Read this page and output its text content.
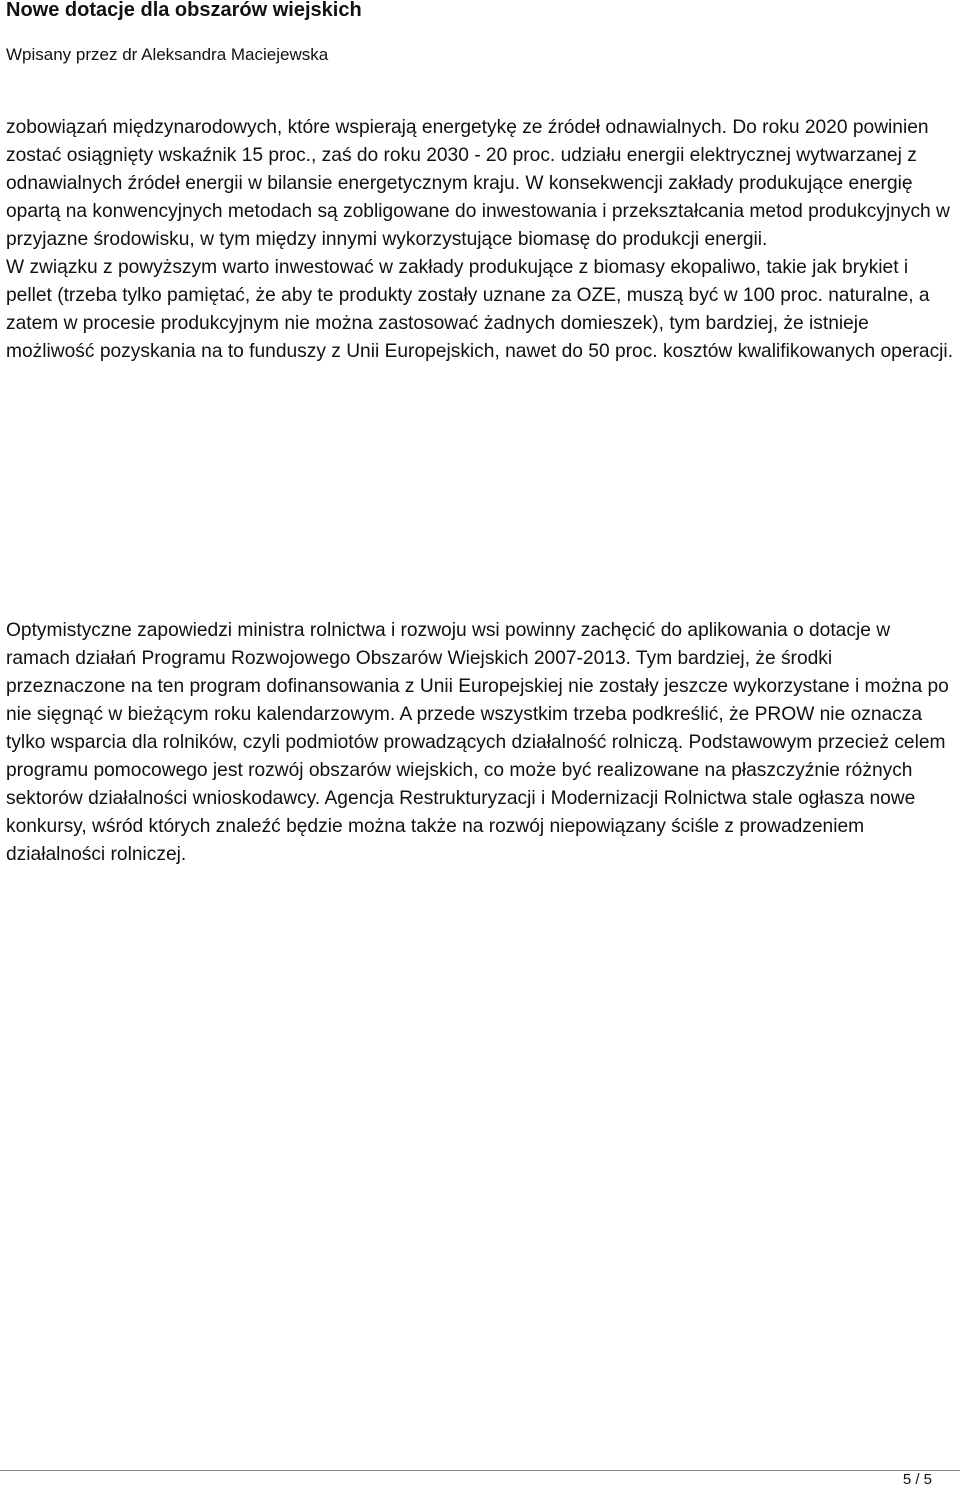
Nowe dotacje dla obszarów wiejskich
Wpisany przez dr Aleksandra Maciejewska

zobowiązań międzynarodowych, które wspierają energetykę ze źródeł odnawialnych. Do roku 2020 powinien zostać osiągnięty wskaźnik 15 proc., zaś do roku 2030 - 20 proc. udziału energii elektrycznej wytwarzanej z odnawialnych źródeł energii w bilansie energetycznym kraju. W konsekwencji zakłady produkujące energię opartą na konwencyjnych metodach są zobligowane do inwestowania i przekształcania metod produkcyjnych w przyjazne środowisku, w tym między innymi wykorzystujące biomasę do produkcji energii.

W związku z powyższym warto inwestować w zakłady produkujące z biomasy ekopaliwo, takie jak brykiet i pellet (trzeba tylko pamiętać, że aby te produkty zostały uznane za OZE, muszą być w 100 proc. naturalne, a zatem w procesie produkcyjnym nie można zastosować żadnych domieszek), tym bardziej, że istnieje możliwość pozyskania na to funduszy z Unii Europejskich, nawet do 50 proc. kosztów kwalifikowanych operacji.

Optymistyczne zapowiedzi ministra rolnictwa i rozwoju wsi powinny zachęcić do aplikowania o dotacje w ramach działań Programu Rozwojowego Obszarów Wiejskich 2007-2013. Tym bardziej, że środki przeznaczone na ten program dofinansowania z Unii Europejskiej nie zostały jeszcze wykorzystane i można po nie sięgnąć w bieżącym roku kalendarzowym. A przede wszystkim trzeba podkreślić, że PROW nie oznacza tylko wsparcia dla rolników, czyli podmiotów prowadzących działalność rolniczą. Podstawowym przecież celem programu pomocowego jest rozwój obszarów wiejskich, co może być realizowane na płaszczyźnie różnych sektorów działalności wnioskodawcy. Agencja Restrukturyzacji i Modernizacji Rolnictwa stale ogłasza nowe konkursy, wśród których znaleźć będzie można także na rozwój niepowiązany ściśle z prowadzeniem działalności rolniczej.

5 / 5
